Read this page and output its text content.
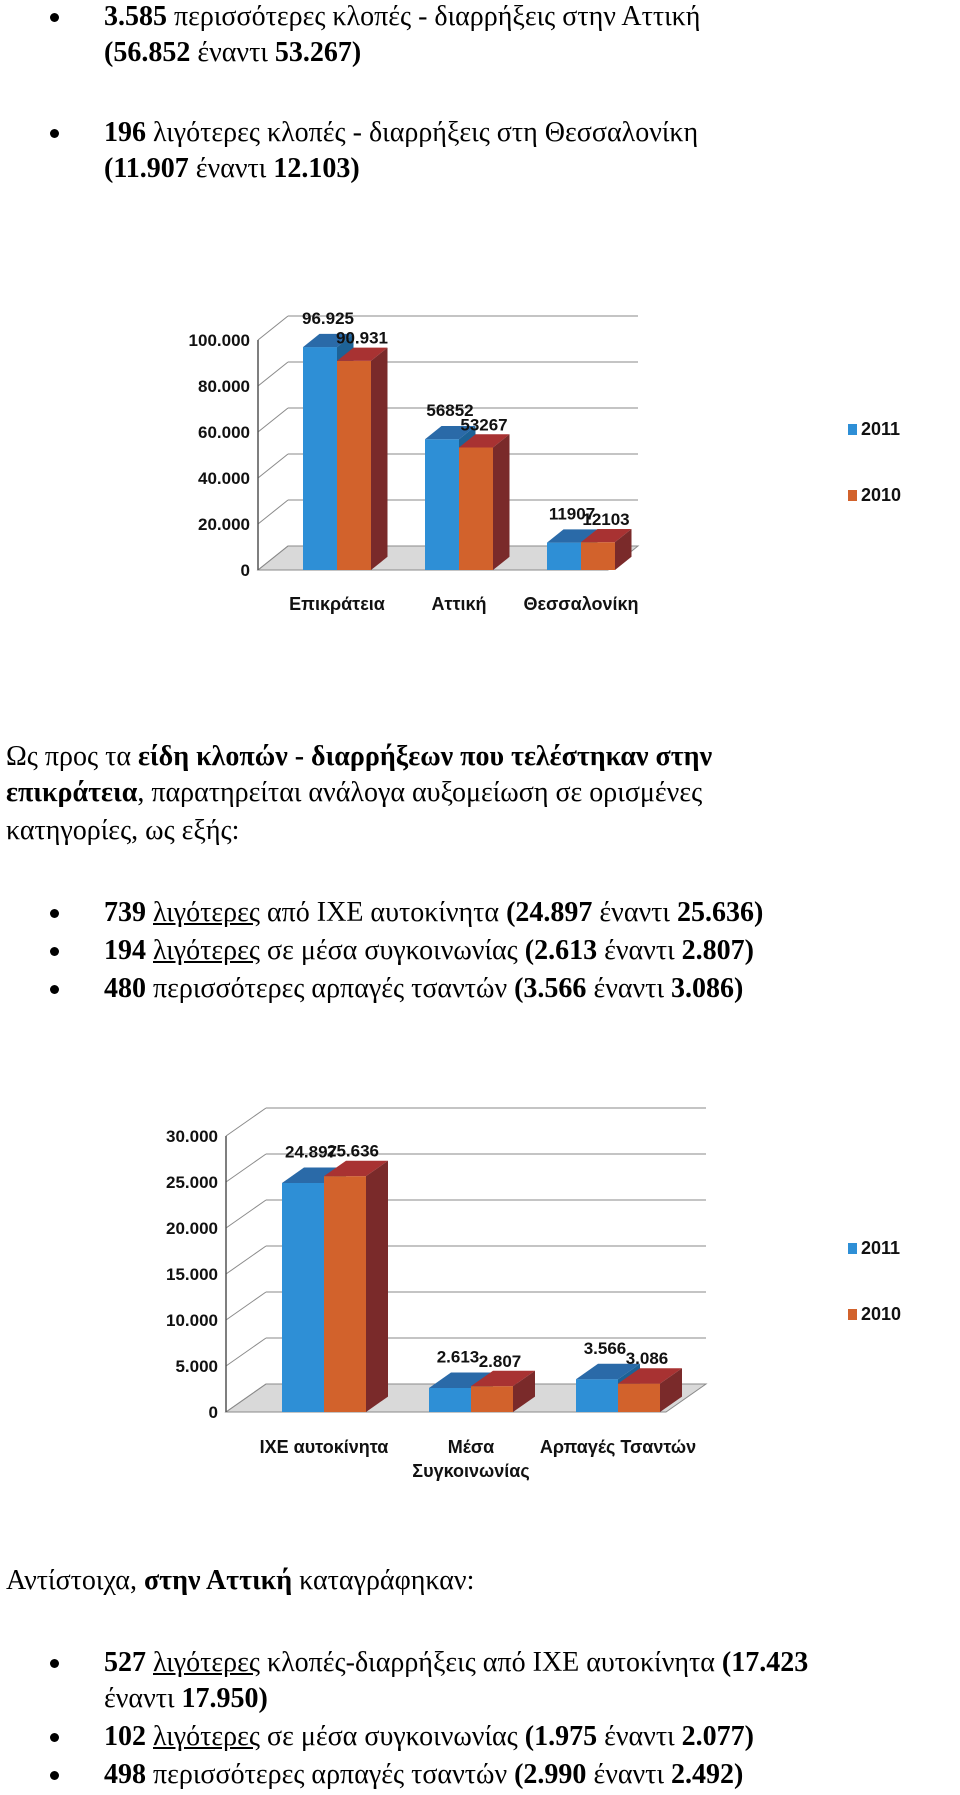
3.585 περισσότερες κλοπές - διαρρήξεις στην Αττική
(56.852 έναντι 53.267)
196 λιγότερες κλοπές - διαρρήξεις στη Θεσσαλονίκη
(11.907 έναντι 12.103)
0
20.000
40.000
60.000
80.000
100.000
96.925
90.931
Επικράτεια
56852
53267
Αττική
11907
12103
Θεσσαλονίκη
2011
2010
Ως προς τα είδη κλοπών - διαρρήξεων που τελέστηκαν στην
επικράτεια, παρατηρείται ανάλογα αυξομείωση σε ορισμένες
κατηγορίες, ως εξής:
739 λιγότερες από ΙΧΕ αυτοκίνητα (24.897 έναντι 25.636)
194 λιγότερες σε μέσα συγκοινωνίας (2.613 έναντι 2.807)
480 περισσότερες αρπαγές τσαντών (3.566 έναντι 3.086)
0
5.000
10.000
15.000
20.000
25.000
30.000
24.897
25.636
ΙΧΕ αυτοκίνητα
2.613 2.807
Μέσα
Συγκοινωνίας
3.566
3.086
Αρπαγές Τσαντών
2011
2010
Αντίστοιχα, στην Αττική καταγράφηκαν:
527 λιγότερες κλοπές-διαρρήξεις από ΙΧΕ αυτοκίνητα (17.423
έναντι 17.950)
102 λιγότερες σε μέσα συγκοινωνίας (1.975 έναντι 2.077)
498 περισσότερες αρπαγές τσαντών (2.990 έναντι 2.492)
